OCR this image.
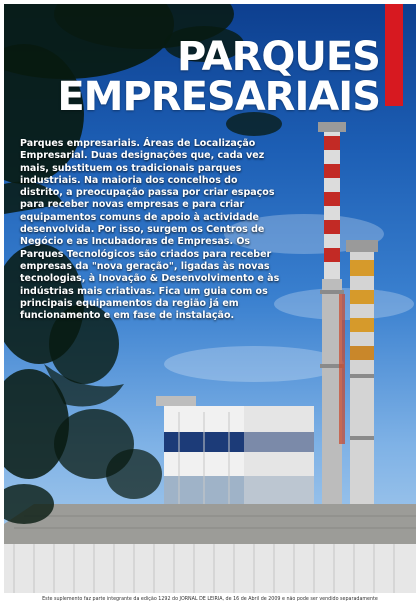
PARQUES
EMPRESARIAIS

Parques empresariais. Áreas de Localização Empresarial. Duas designações que, cada vez mais, substituem os tradicionais parques industriais. Na maioria dos concelhos do distrito, a preocupação passa por criar espaços para receber novas empresas e para criar equipamentos comuns de apoio à actividade desenvolvida. Por isso, surgem os Centros de Negócio e as Incubadoras de Empresas. Os Parques Tecnológicos são criados para receber empresas da "nova geração", ligadas às novas tecnologias, à Inovação & Desenvolvimento e às indústrias mais criativas. Fica um guia com os principais equipamentos da região já em funcionamento e em fase de instalação.

Este suplemento faz parte integrante da edição 1292 do JORNAL DE LEIRIA, de 16 de Abril de 2009 e não pode ser vendido separadamente
